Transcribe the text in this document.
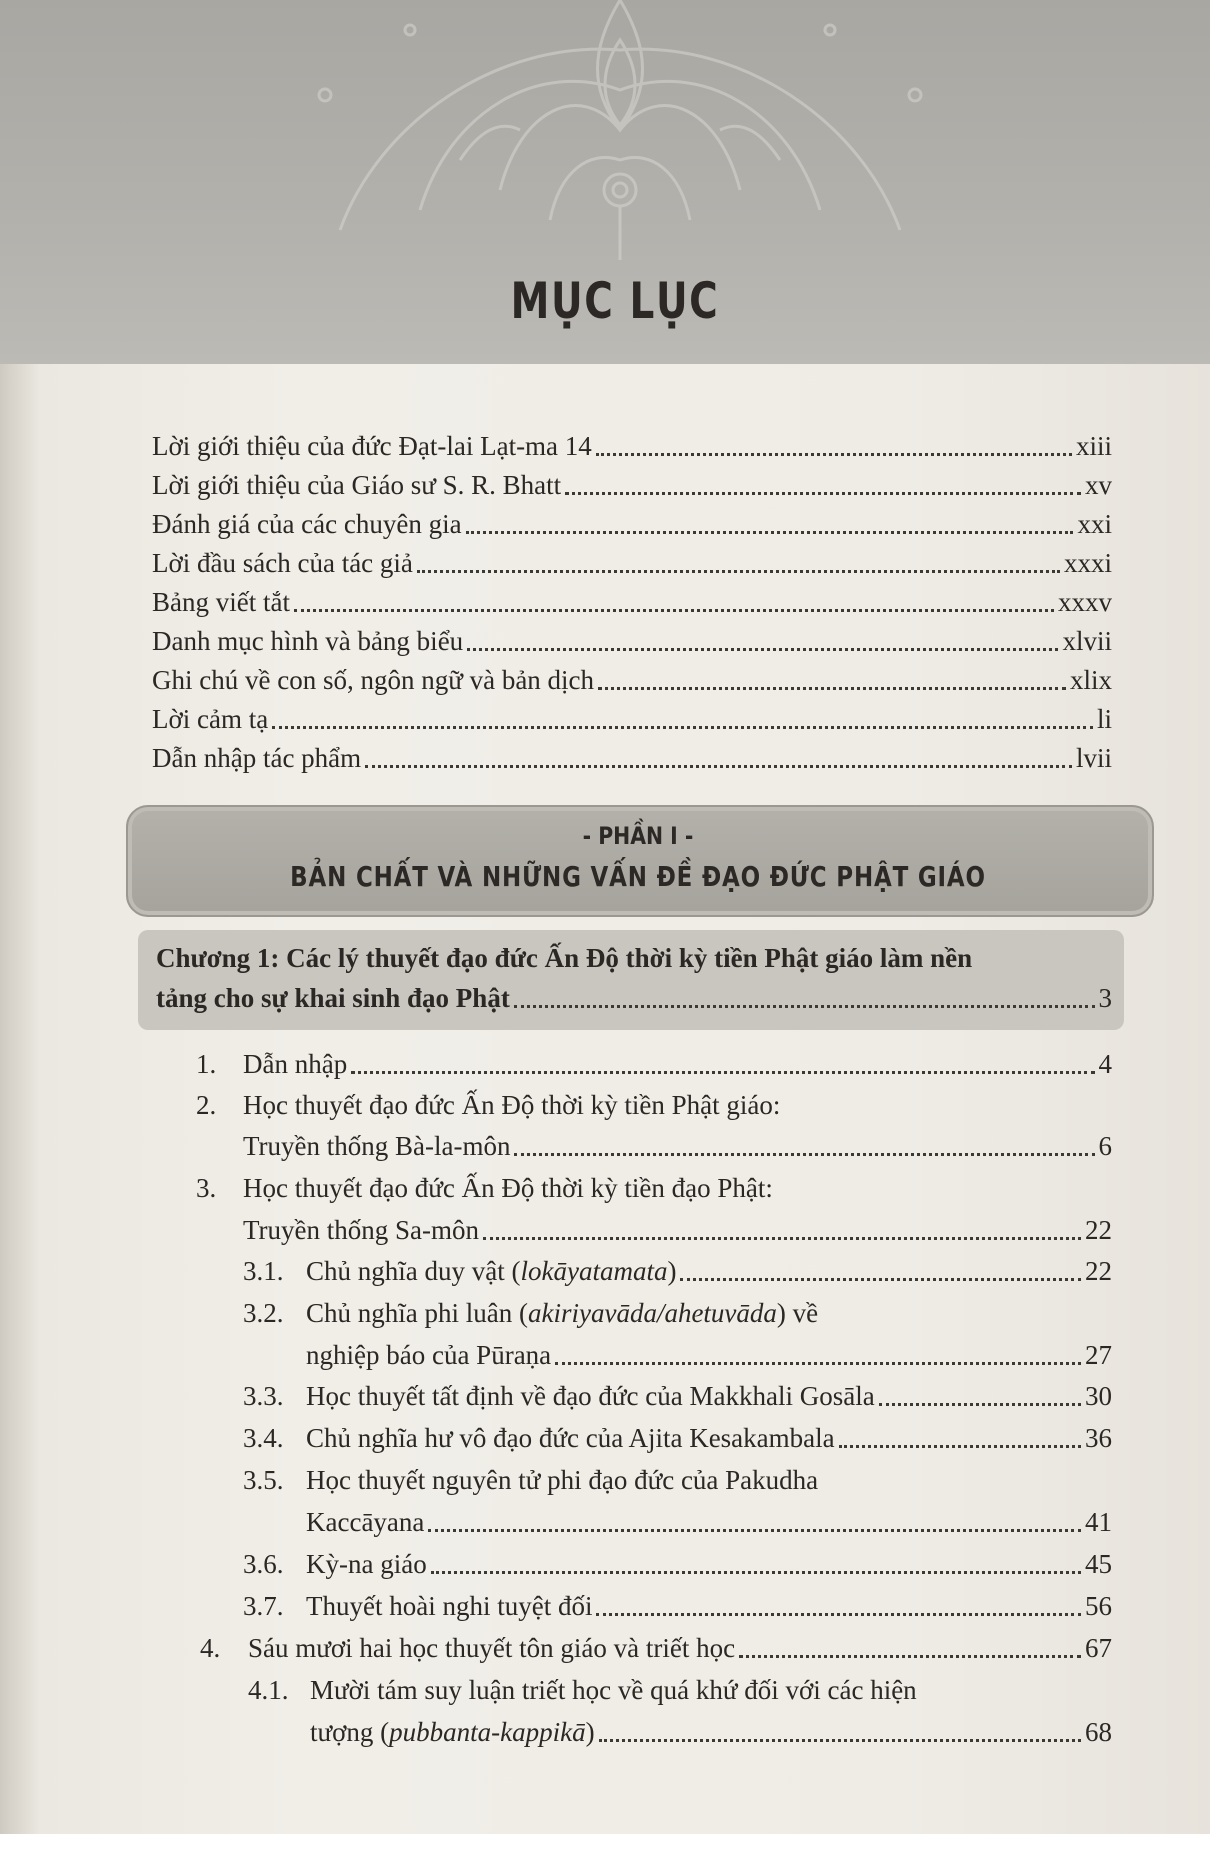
MỤC LỤC
Lời giới thiệu của đức Đạt-lai Lạt-ma 14	xiii
Lời giới thiệu của Giáo sư S. R. Bhatt	xv
Đánh giá của các chuyên gia	xxi
Lời đầu sách của tác giả	xxxi
Bảng viết tắt	xxxv
Danh mục hình và bảng biểu	xlvii
Ghi chú về con số, ngôn ngữ và bản dịch	xlix
Lời cảm tạ	li
Dẫn nhập tác phẩm	lvii
- PHẦN I -
BẢN CHẤT VÀ NHỮNG VẤN ĐỀ ĐẠO ĐỨC PHẬT GIÁO
Chương 1: Các lý thuyết đạo đức Ấn Độ thời kỳ tiền Phật giáo làm nền
tảng cho sự khai sinh đạo Phật	3
1. Dẫn nhập	4
2. Học thuyết đạo đức Ấn Độ thời kỳ tiền Phật giáo:
Truyền thống Bà-la-môn	6
3. Học thuyết đạo đức Ấn Độ thời kỳ tiền đạo Phật:
Truyền thống Sa-môn	22
3.1. Chủ nghĩa duy vật (lokāyatamata)	22
3.2. Chủ nghĩa phi luân (akiriyavāda/ahetuvāda) về
nghiệp báo của Pūraṇa	27
3.3. Học thuyết tất định về đạo đức của Makkhali Gosāla	30
3.4. Chủ nghĩa hư vô đạo đức của Ajita Kesakambala	36
3.5. Học thuyết nguyên tử phi đạo đức của Pakudha
Kaccāyana	41
3.6. Kỳ-na giáo	45
3.7. Thuyết hoài nghi tuyệt đối	56
4. Sáu mươi hai học thuyết tôn giáo và triết học	67
4.1. Mười tám suy luận triết học về quá khứ đối với các hiện
tượng (pubbanta-kappikā)	68
